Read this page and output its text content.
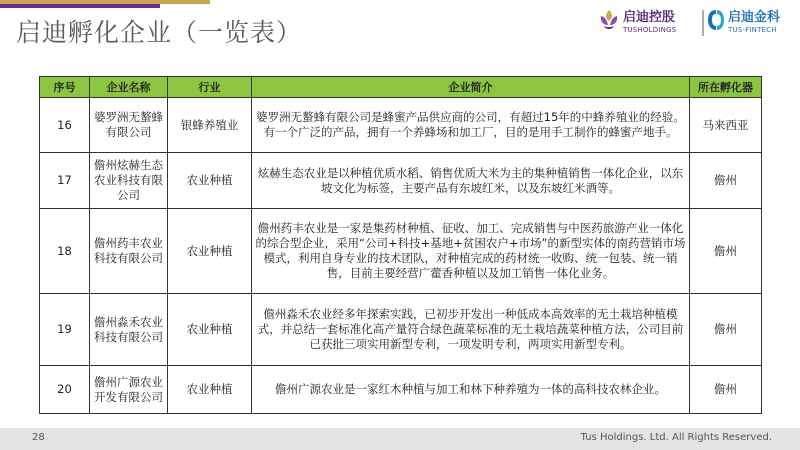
启迪孵化企业（一览表）
启迪控股
TUSHOLDINGS
启迪金科
TUS-FINTECH
序号	企业名称	行业	企业简介	所在孵化器
16	婆罗洲无螯蜂有限公司	银蜂养殖业	婆罗洲无螯蜂有限公司是蜂蜜产品供应商的公司，有超过15年的中蜂养殖业的经验。有一个广泛的产品，拥有一个养蜂场和加工厂，目的是用手工制作的蜂蜜产地手。	马来西亚
17	儋州炫赫生态农业科技有限公司	农业种植	炫赫生态农业是以种植优质水稻、销售优质大米为主的集种植销售一体化企业，以东坡文化为标签，主要产品有东坡红米，以及东坡红米酒等。	儋州
18	儋州药丰农业科技有限公司	农业种植	儋州药丰农业是一家是集药材种植、征收、加工、完成销售与中医药旅游产业一体化的综合型企业，采用“公司+科技+基地+贫困农户+市场”的新型实体的南药营销市场模式，利用自身专业的技术团队，对种植完成的药材统一收购、统一包装、统一销售，目前主要经营广藿香种植以及加工销售一体化业务。	儋州
19	儋州淼禾农业科技有限公司	农业种植	儋州淼禾农业经多年探索实践，已初步开发出一种低成本高效率的无土栽培种植模式，并总结一套标准化高产量符合绿色蔬菜标准的无土栽培蔬菜种植方法，公司目前已获批三项实用新型专利，一项发明专利，两项实用新型专利。	儋州
20	儋州广源农业开发有限公司	农业种植	儋州广源农业是一家红木种植与加工和林下种养殖为一体的高科技农林企业。	儋州
28	Tus Holdings. Ltd. All Rights Reserved.
